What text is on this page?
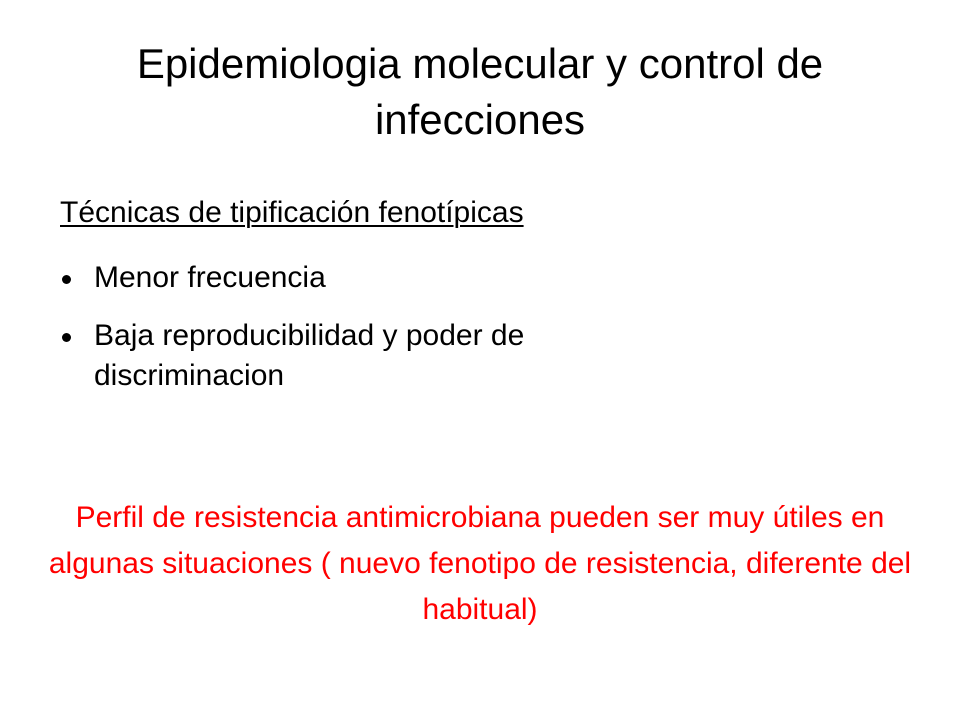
Epidemiologia molecular y control de infecciones

Técnicas de tipificación fenotípicas

Menor frecuencia
Baja reproducibilidad y poder de discriminacion

Perfil de resistencia antimicrobiana pueden ser muy útiles en algunas situaciones ( nuevo fenotipo de resistencia, diferente del habitual)
